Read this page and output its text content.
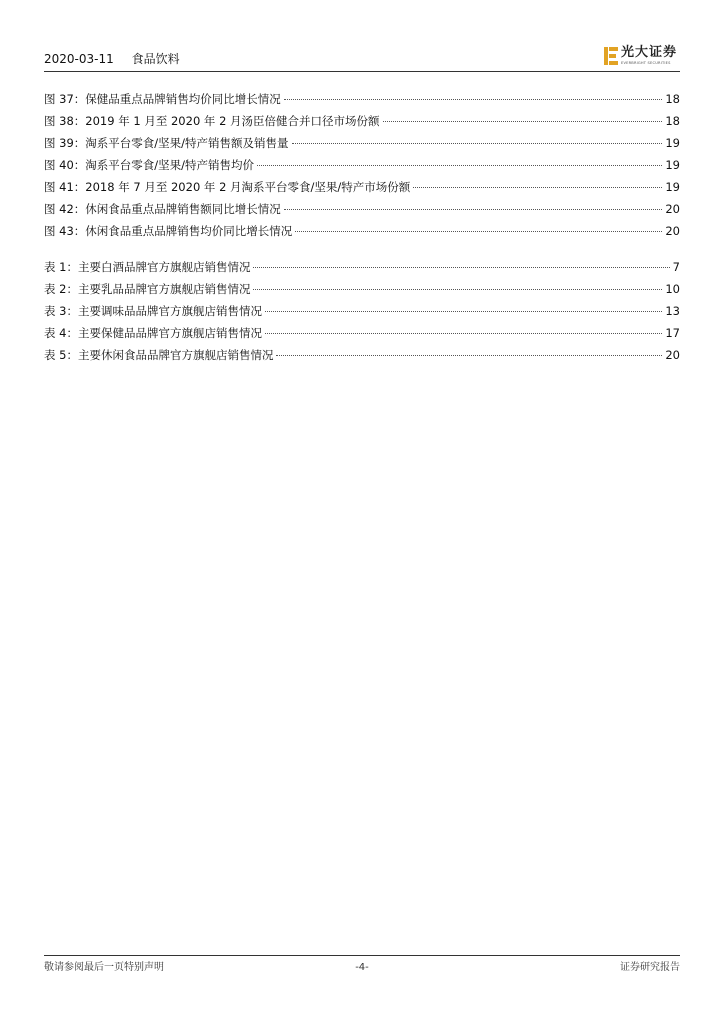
2020-03-11 食品饮料	光大证券
EVERBRIGHT SECURITIES
图 37：保健品重点品牌销售均价同比增长情况	18
图 38：2019 年 1 月至 2020 年 2 月汤臣倍健合并口径市场份额	18
图 39：淘系平台零食/坚果/特产销售额及销售量	19
图 40：淘系平台零食/坚果/特产销售均价	19
图 41：2018 年 7 月至 2020 年 2 月淘系平台零食/坚果/特产市场份额	19
图 42：休闲食品重点品牌销售额同比增长情况	20
图 43：休闲食品重点品牌销售均价同比增长情况	20
表 1：主要白酒品牌官方旗舰店销售情况	7
表 2：主要乳品品牌官方旗舰店销售情况	10
表 3：主要调味品品牌官方旗舰店销售情况	13
表 4：主要保健品品牌官方旗舰店销售情况	17
表 5：主要休闲食品品牌官方旗舰店销售情况	20
敬请参阅最后一页特别声明	-4-	证券研究报告
